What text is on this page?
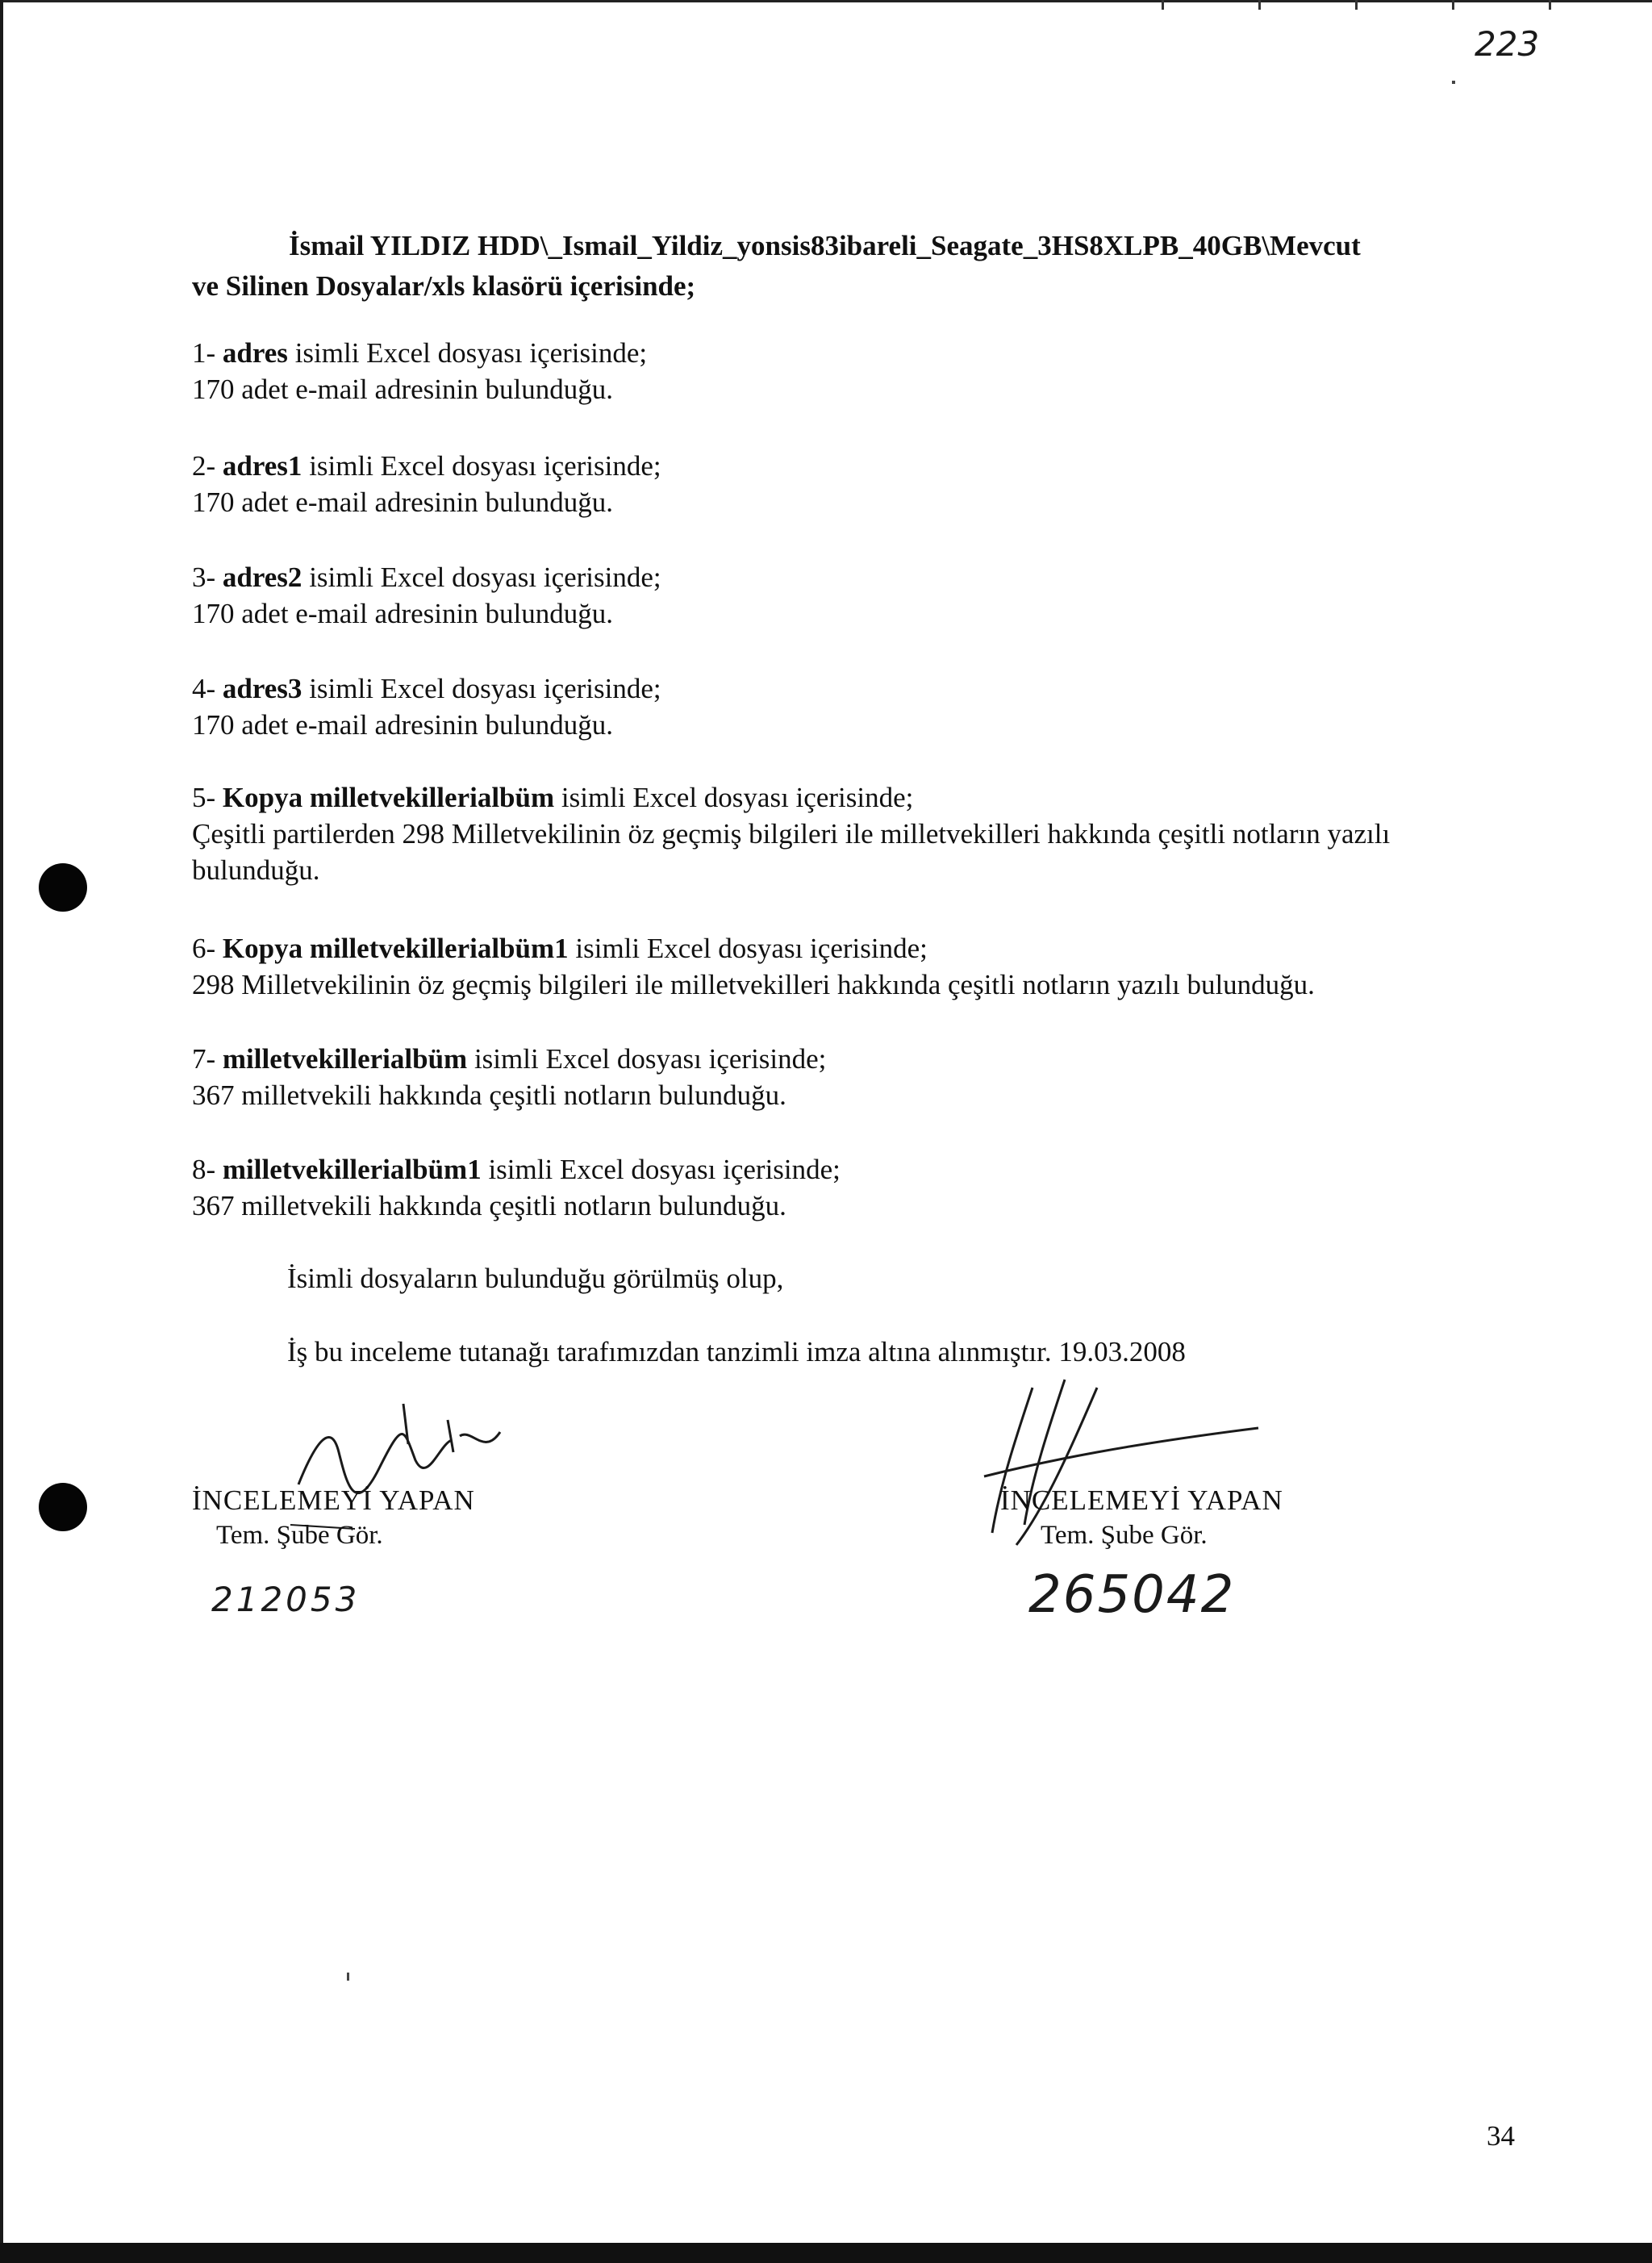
223
İsmail YILDIZ HDD\_Ismail_Yildiz_yonsis83ibareli_Seagate_3HS8XLPB_40GB\Mevcut
ve Silinen Dosyalar/xls klasörü içerisinde;
1- adres isimli Excel dosyası içerisinde;
170 adet e-mail adresinin bulunduğu.
2- adres1 isimli Excel dosyası içerisinde;
170 adet e-mail adresinin bulunduğu.
3- adres2 isimli Excel dosyası içerisinde;
170 adet e-mail adresinin bulunduğu.
4- adres3 isimli Excel dosyası içerisinde;
170 adet e-mail adresinin bulunduğu.
5- Kopya milletvekillerialbüm isimli Excel dosyası içerisinde;
Çeşitli partilerden 298 Milletvekilinin öz geçmiş bilgileri ile milletvekilleri hakkında çeşitli notların yazılı bulunduğu.
6- Kopya milletvekillerialbüm1 isimli Excel dosyası içerisinde;
298 Milletvekilinin öz geçmiş bilgileri ile milletvekilleri hakkında çeşitli notların yazılı bulunduğu.
7- milletvekillerialbüm isimli Excel dosyası içerisinde;
367 milletvekili hakkında çeşitli notların bulunduğu.
8- milletvekillerialbüm1 isimli Excel dosyası içerisinde;
367 milletvekili hakkında çeşitli notların bulunduğu.
İsimli dosyaların bulunduğu görülmüş olup,
İş bu inceleme tutanağı tarafımızdan tanzimli imza altına alınmıştır. 19.03.2008
İNCELEMEYİ YAPAN
Tem. Şube Gör.
212053
İNCELEMEYİ YAPAN
Tem. Şube Gör.
265042
34
